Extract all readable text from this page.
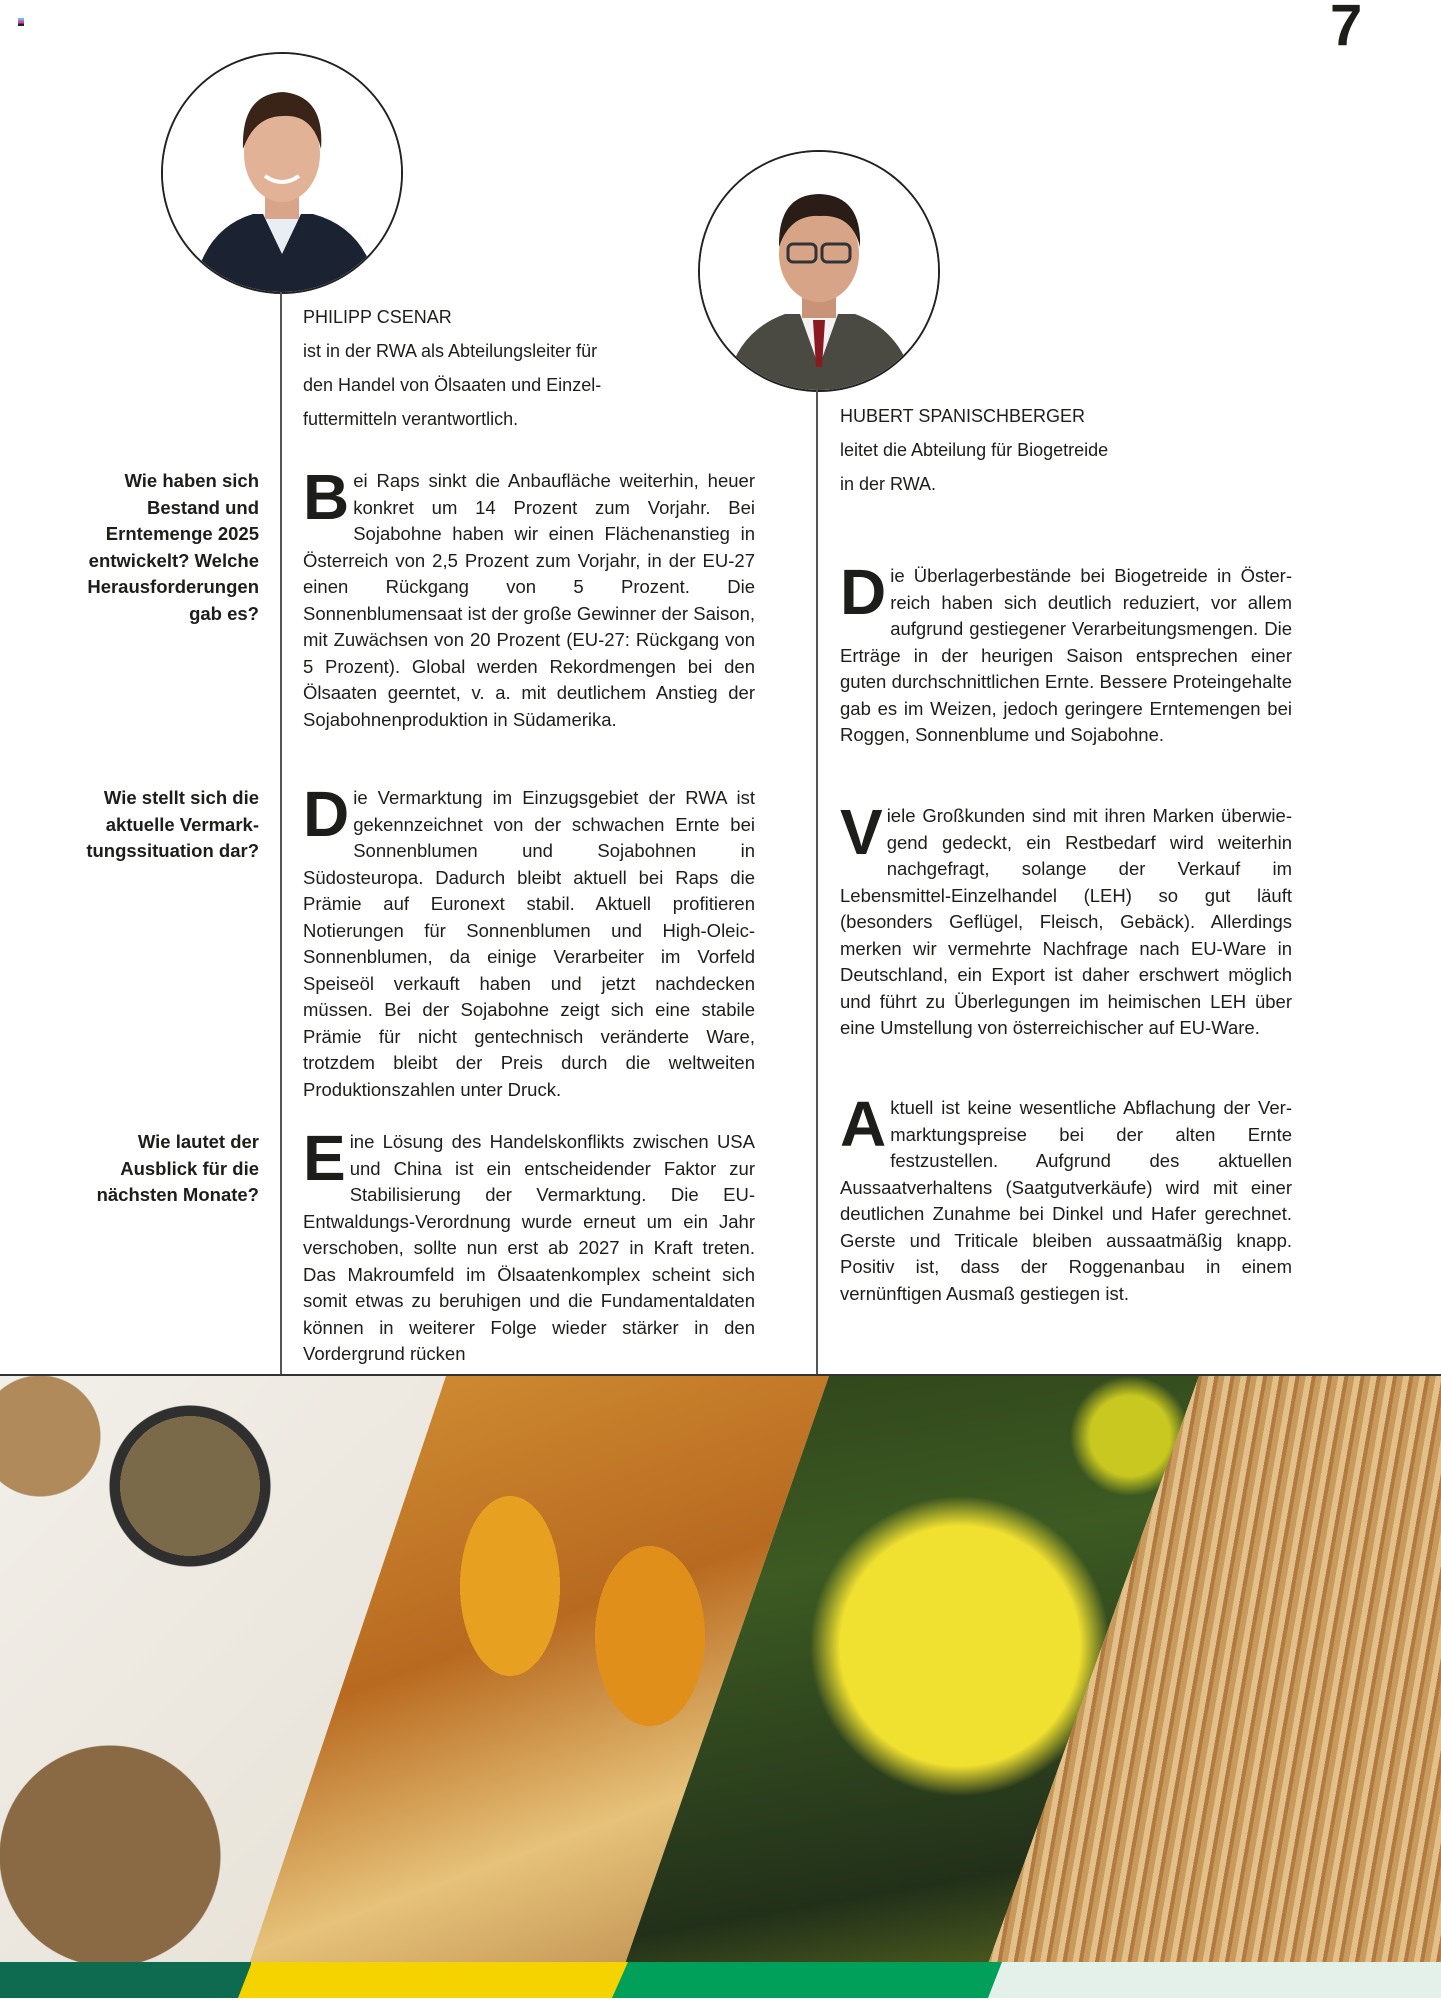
7
PHILIPP CSENAR
ist in der RWA als Abteilungsleiter für
den Handel von Ölsaaten und Einzel-
futtermitteln verantwortlich.	HUBERT SPANISCHBERGER
leitet die Abteilung für Biogetreide
in der RWA.
Wie haben sich Bestand und Erntemenge 2025 entwickelt? Welche Herausforderungen gab es?
Wie stellt sich die aktuelle Vermark- tungssituation dar?
Wie lautet der Ausblick für die nächsten Monate?
Bei Raps sinkt die Anbaufläche weiterhin, heuer konkret um 14 Prozent zum Vorjahr. Bei Sojabohne haben wir einen Flächenanstieg in Österreich von 2,5 Prozent zum Vorjahr, in der EU-27 einen Rückgang von 5 Prozent. Die Sonnenblumensaat ist der große Gewinner der Saison, mit Zuwächsen von 20 Prozent (EU-27: Rückgang von 5 Prozent). Global werden Rekordmengen bei den Ölsaaten geerntet, v. a. mit deutlichem Anstieg der Sojabohnenproduktion in Südamerika.
Die Vermarktung im Einzugsgebiet der RWA ist gekennzeichnet von der schwachen Ernte bei Sonnenblumen und Sojabohnen in Südosteuropa. Dadurch bleibt aktuell bei Raps die Prämie auf Euronext stabil. Aktuell profitieren Notierungen für Sonnenblumen und High-Oleic-Sonnenblumen, da einige Verarbeiter im Vorfeld Speiseöl verkauft haben und jetzt nachdecken müssen. Bei der Sojabohne zeigt sich eine stabile Prämie für nicht gentechnisch veränderte Ware, trotzdem bleibt der Preis durch die weltweiten Produktionszahlen unter Druck.
Eine Lösung des Handelskonflikts zwischen USA und China ist ein entscheidender Faktor zur Stabilisierung der Vermarktung. Die EU-Entwaldungs-Verordnung wurde erneut um ein Jahr verschoben, sollte nun erst ab 2027 in Kraft treten. Das Makroumfeld im Ölsaatenkomplex scheint sich somit etwas zu beruhigen und die Fundamentaldaten können in weiterer Folge wieder stärker in den Vordergrund rücken
Die Überlagerbestände bei Biogetreide in Österreich haben sich deutlich reduziert, vor allem aufgrund gestiegener Verarbeitungsmengen. Die Erträge in der heurigen Saison entsprechen einer guten durchschnittlichen Ernte. Bessere Proteingehalte gab es im Weizen, jedoch geringere Erntemengen bei Roggen, Sonnenblume und Sojabohne.
Viele Großkunden sind mit ihren Marken überwiegend gedeckt, ein Restbedarf wird weiterhin nachgefragt, solange der Verkauf im Lebensmittel-Einzelhandel (LEH) so gut läuft (besonders Geflügel, Fleisch, Gebäck). Allerdings merken wir vermehrte Nachfrage nach EU-Ware in Deutschland, ein Export ist daher erschwert möglich und führt zu Überlegungen im heimischen LEH über eine Umstellung von österreichischer auf EU-Ware.
Aktuell ist keine wesentliche Abflachung der Vermarktungspreise bei der alten Ernte festzustellen. Aufgrund des aktuellen Aussaatverhaltens (Saatgutverkäufe) wird mit einer deutlichen Zunahme bei Dinkel und Hafer gerechnet. Gerste und Triticale bleiben aussaatmäßig knapp. Positiv ist, dass der Roggenanbau in einem vernünftigen Ausmaß gestiegen ist.
